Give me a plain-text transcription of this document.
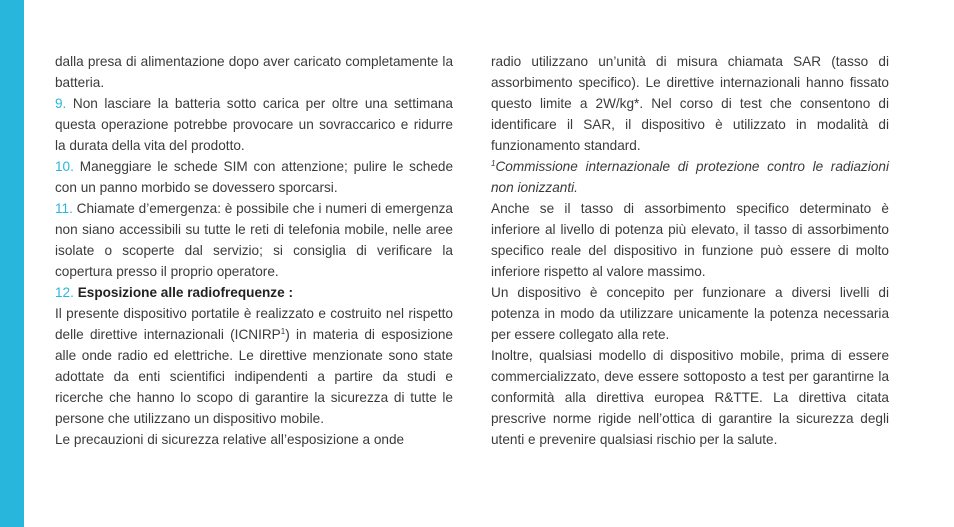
dalla presa di alimentazione dopo aver caricato completamente la batteria.

9. Non lasciare la batteria sotto carica per oltre una settimana questa operazione potrebbe provocare un sovraccarico e ridurre la durata della vita del prodotto.

10. Maneggiare le schede SIM con attenzione; pulire le schede con un panno morbido se dovessero sporcarsi.

11. Chiamate d’emergenza: è possibile che i numeri di emergenza non siano accessibili su tutte le reti di telefonia mobile, nelle aree isolate o scoperte dal servizio; si consiglia di verificare la copertura presso il proprio operatore.

12. Esposizione alle radiofrequenze :

Il presente dispositivo portatile è realizzato e costruito nel rispetto delle direttive internazionali (ICNIRP$^1$) in materia di esposizione alle onde radio ed elettriche. Le direttive menzionate sono state adottate da enti scientifici indipendenti a partire da studi e ricerche che hanno lo scopo di garantire la sicurezza di tutte le persone che utilizzano un dispositivo mobile.

Le precauzioni di sicurezza relative all’esposizione a onde

radio utilizzano un’unità di misura chiamata SAR (tasso di assorbimento specifico). Le direttive internazionali hanno fissato questo limite a 2W/kg*. Nel corso di test che consentono di identificare il SAR, il dispositivo è utilizzato in modalità di funzionamento standard.

$^1$Commissione internazionale di protezione contro le radiazioni non ionizzanti.

Anche se il tasso di assorbimento specifico determinato è inferiore al livello di potenza più elevato, il tasso di assorbimento specifico reale del dispositivo in funzione può essere di molto inferiore rispetto al valore massimo.

Un dispositivo è concepito per funzionare a diversi livelli di potenza in modo da utilizzare unicamente la potenza necessaria per essere collegato alla rete.

Inoltre, qualsiasi modello di dispositivo mobile, prima di essere commercializzato, deve essere sottoposto a test per garantirne la conformità alla direttiva europea R&TTE. La direttiva citata prescrive norme rigide nell’ottica di garantire la sicurezza degli utenti e prevenire qualsiasi rischio per la salute.
